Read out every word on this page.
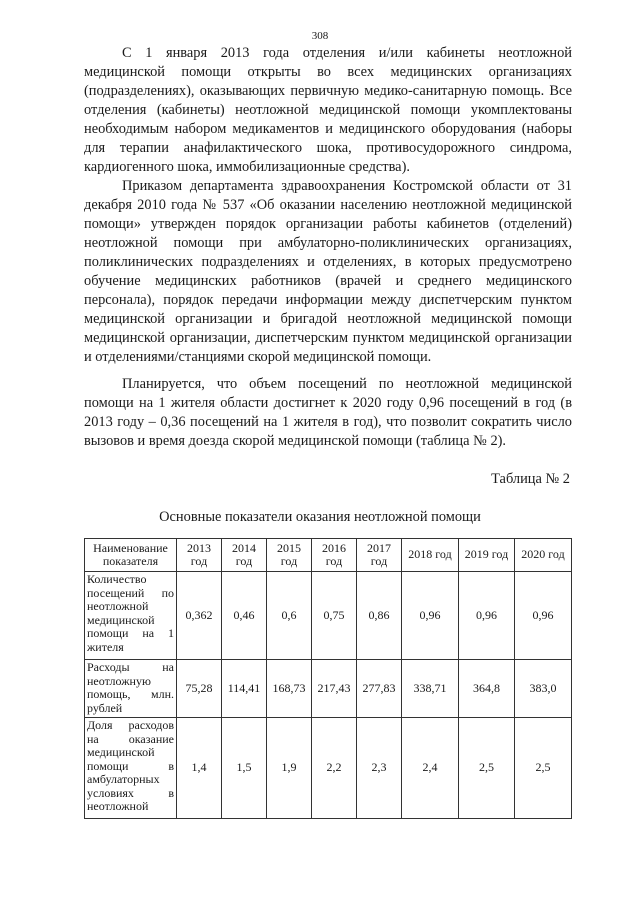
308

С 1 января 2013 года отделения и/или кабинеты неотложной медицинской помощи открыты во всех медицинских организациях (подразделениях), оказывающих первичную медико-санитарную помощь. Все отделения (кабинеты) неотложной медицинской помощи укомплектованы необходимым набором медикаментов и медицинского оборудования (наборы для терапии анафилактического шока, противосудорожного синдрома, кардиогенного шока, иммобилизационные средства).

Приказом департамента здравоохранения Костромской области от 31 декабря 2010 года № 537 «Об оказании населению неотложной медицинской помощи» утвержден порядок организации работы кабинетов (отделений) неотложной помощи при амбулаторно-поликлинических организациях, поликлинических подразделениях и отделениях, в которых предусмотрено обучение медицинских работников (врачей и среднего медицинского персонала), порядок передачи информации между диспетчерским пунктом медицинской организации и бригадой неотложной медицинской помощи медицинской организации, диспетчерским пунктом медицинской организации и отделениями/станциями скорой медицинской помощи.

Планируется, что объем посещений по неотложной медицинской помощи на 1 жителя области достигнет к 2020 году 0,96 посещений в год (в 2013 году – 0,36 посещений на 1 жителя в год), что позволит сократить число вызовов и время доезда скорой медицинской помощи (таблица № 2).

Таблица № 2
Основные показатели оказания неотложной помощи
Наименование показателя	2013 год	2014 год	2015 год	2016 год	2017 год	2018 год	2019 год	2020 год
Количество посещений по неотложной медицинской помощи на 1 жителя	0,362	0,46	0,6	0,75	0,86	0,96	0,96	0,96
Расходы на неотложную помощь, млн. рублей	75,28	114,41	168,73	217,43	277,83	338,71	364,8	383,0
Доля расходов на оказание медицинской помощи в амбулаторных условиях в неотложной	1,4	1,5	1,9	2,2	2,3	2,4	2,5	2,5
